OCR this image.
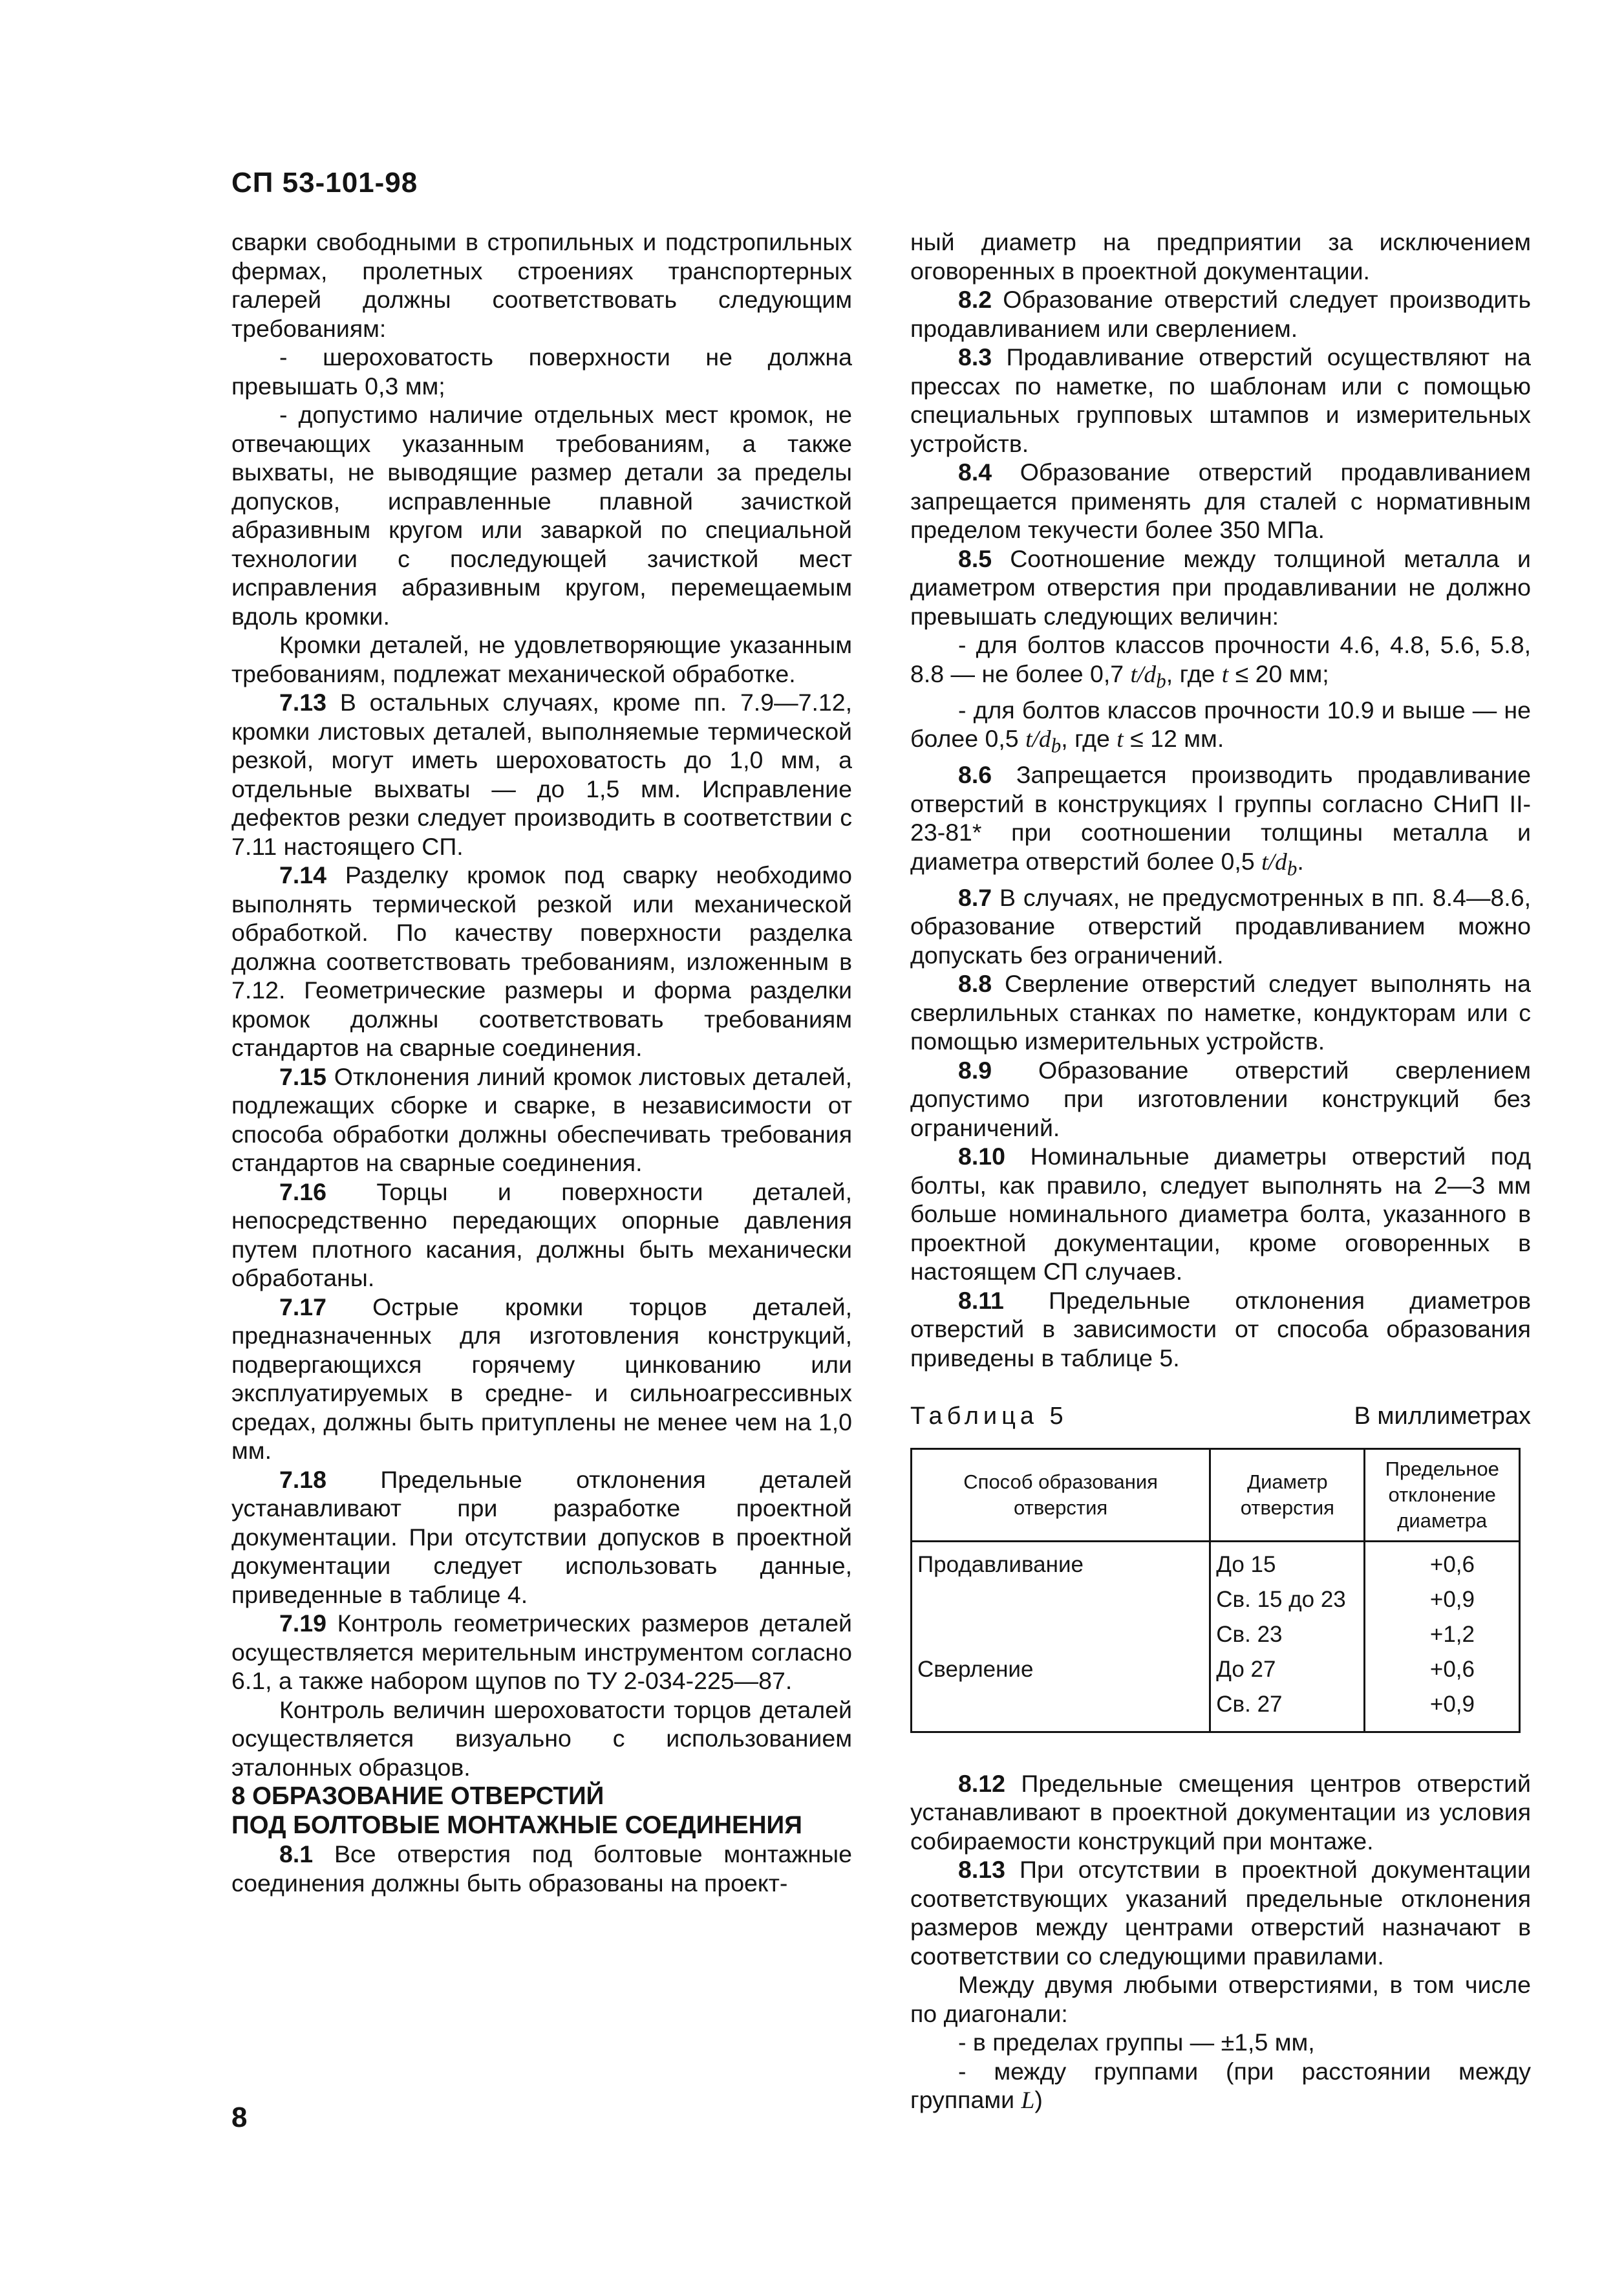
СП 53-101-98

сварки свободными в стропильных и подстропильных фермах, пролетных строениях транспортерных галерей должны соответствовать следующим требованиям:

- шероховатость поверхности не должна превышать 0,3 мм;

- допустимо наличие отдельных мест кромок, не отвечающих указанным требованиям, а также выхваты, не выводящие размер детали за пределы допусков, исправленные плавной зачисткой абразивным кругом или заваркой по специальной технологии с последующей зачисткой мест исправления абразивным кругом, перемещаемым вдоль кромки.

Кромки деталей, не удовлетворяющие указанным требованиям, подлежат механической обработке.

7.13 В остальных случаях, кроме пп. 7.9—7.12, кромки листовых деталей, выполняемые термической резкой, могут иметь шероховатость до 1,0 мм, а отдельные выхваты — до 1,5 мм. Исправление дефектов резки следует производить в соответствии с 7.11 настоящего СП.

7.14 Разделку кромок под сварку необходимо выполнять термической резкой или механической обработкой. По качеству поверхности разделка должна соответствовать требованиям, изложенным в 7.12. Геометрические размеры и форма разделки кромок должны соответствовать требованиям стандартов на сварные соединения.

7.15 Отклонения линий кромок листовых деталей, подлежащих сборке и сварке, в независимости от способа обработки должны обеспечивать требования стандартов на сварные соединения.

7.16 Торцы и поверхности деталей, непосредственно передающих опорные давления путем плотного касания, должны быть механически обработаны.

7.17 Острые кромки торцов деталей, предназначенных для изготовления конструкций, подвергающихся горячему цинкованию или эксплуатируемых в средне- и сильноагрессивных средах, должны быть притуплены не менее чем на 1,0 мм.

7.18 Предельные отклонения деталей устанавливают при разработке проектной документации. При отсутствии допусков в проектной документации следует использовать данные, приведенные в таблице 4.

7.19 Контроль геометрических размеров деталей осуществляется мерительным инструментом согласно 6.1, а также набором щупов по ТУ 2-034-225—87.

Контроль величин шероховатости торцов деталей осуществляется визуально с использованием эталонных образцов.

8 ОБРАЗОВАНИЕ ОТВЕРСТИЙ
ПОД БОЛТОВЫЕ МОНТАЖНЫЕ СОЕДИНЕНИЯ

8.1 Все отверстия под болтовые монтажные соединения должны быть образованы на проект-

ный диаметр на предприятии за исключением оговоренных в проектной документации.

8.2 Образование отверстий следует производить продавливанием или сверлением.

8.3 Продавливание отверстий осуществляют на прессах по наметке, по шаблонам или с помощью специальных групповых штампов и измерительных устройств.

8.4 Образование отверстий продавливанием запрещается применять для сталей с нормативным пределом текучести более 350 МПа.

8.5 Соотношение между толщиной металла и диаметром отверстия при продавливании не должно превышать следующих величин:

- для болтов классов прочности 4.6, 4.8, 5.6, 5.8, 8.8 — не более 0,7 $t/d_b$, где t ≤ 20 мм;

- для болтов классов прочности 10.9 и выше — не более 0,5 $t/d_b$, где t ≤ 12 мм.

8.6 Запрещается производить продавливание отверстий в конструкциях I группы согласно СНиП II-23-81* при соотношении толщины металла и диаметра отверстий более 0,5 $t/d_b$.

8.7 В случаях, не предусмотренных в пп. 8.4—8.6, образование отверстий продавливанием можно допускать без ограничений.

8.8 Сверление отверстий следует выполнять на сверлильных станках по наметке, кондукторам или с помощью измерительных устройств.

8.9 Образование отверстий сверлением допустимо при изготовлении конструкций без ограничений.

8.10 Номинальные диаметры отверстий под болты, как правило, следует выполнять на 2—3 мм больше номинального диаметра болта, указанного в проектной документации, кроме оговоренных в настоящем СП случаев.

8.11 Предельные отклонения диаметров отверстий в зависимости от способа образования приведены в таблице 5.

Таблица 5	В миллиметрах
Способ образования отверстия	Диаметр отверстия	Предельное отклонение диаметра
Продавливание	До 15	+0,6
	Св. 15 до 23	+0,9
	Св. 23	+1,2
Сверление	До 27	+0,6
	Св. 27	+0,9

8.12 Предельные смещения центров отверстий устанавливают в проектной документации из условия собираемости конструкций при монтаже.

8.13 При отсутствии в проектной документации соответствующих указаний предельные отклонения размеров между центрами отверстий назначают в соответствии со следующими правилами.

Между двумя любыми отверстиями, в том числе по диагонали:

- в пределах группы — ±1,5 мм,

- между группами (при расстоянии между группами L)

8
